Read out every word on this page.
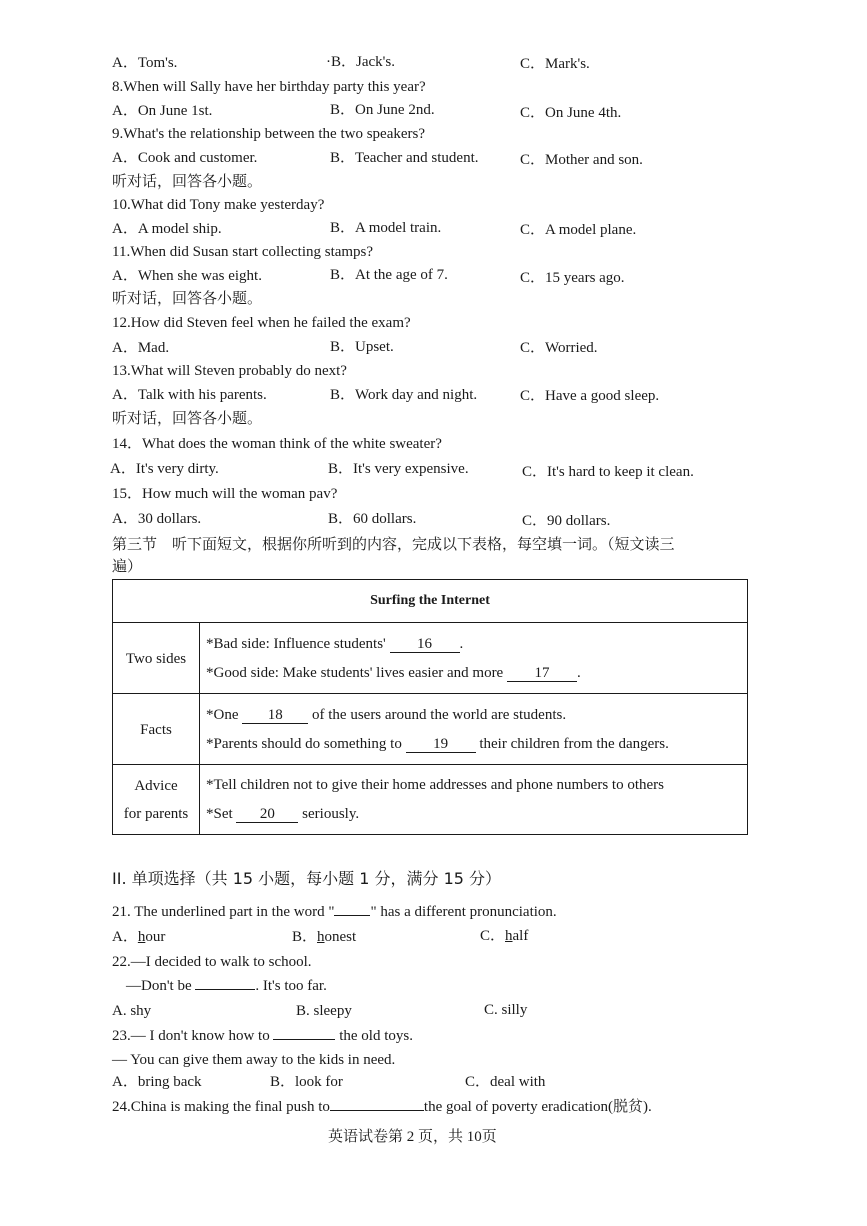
A．Tom's.	·B．Jack's.	C．Mark's.
8.When will Sally have her birthday party this year?
A．On June 1st.	B．On June 2nd.	C．On June 4th.
9.What's the relationship between the two speakers?
A．Cook and customer.	B．Teacher and student.	C．Mother and son.
听对话，回答各小题。
10.What did Tony make yesterday?
A．A model ship.	B．A model train.	C．A model plane.
11.When did Susan start collecting stamps?
A．When she was eight.	B．At the age of 7.	C．15 years ago.
听对话，回答各小题。
12.How did Steven feel when he failed the exam?
A．Mad.	B．Upset.	C．Worried.
13.What will Steven probably do next?
A．Talk with his parents.	B．Work day and night.	C．Have a good sleep.
听对话，回答各小题。
14．What does the woman think of the white sweater?
A．It's very dirty.	B．It's very expensive.	C．It's hard to keep it clean.
15．How much will the woman pav?
A．30 dollars.	B．60 dollars.	C．90 dollars.
第三节　听下面短文，根据你所听到的内容，完成以下表格，每空填一词。（短文读三
遍）
Surfing the Internet
Two sides
*Bad side: Influence students' 16 .
*Good side: Make students' lives easier and more 17 .
Facts
*One 18 of the users around the world are students.
*Parents should do something to 19 their children from the dangers.
Advice
for parents
*Tell children not to give their home addresses and phone numbers to others
*Set 20 seriously.
II. 单项选择（共 15 小题，每小题 1 分，满分 15 分）
21. The underlined part in the word " " has a different pronunciation.
A．hour	B．honest	C．half
22.—I decided to walk to school.
—Don't be	. It's too far.
A. shy	B. sleepy	C. silly
23.— I don't know how to	the old toys.
— You can give them away to the kids in need.
A．bring back	B．look for	C．deal with
24.China is making the final push to	the goal of poverty eradication(脱贫).
英语试卷第 2 页，共 10页
